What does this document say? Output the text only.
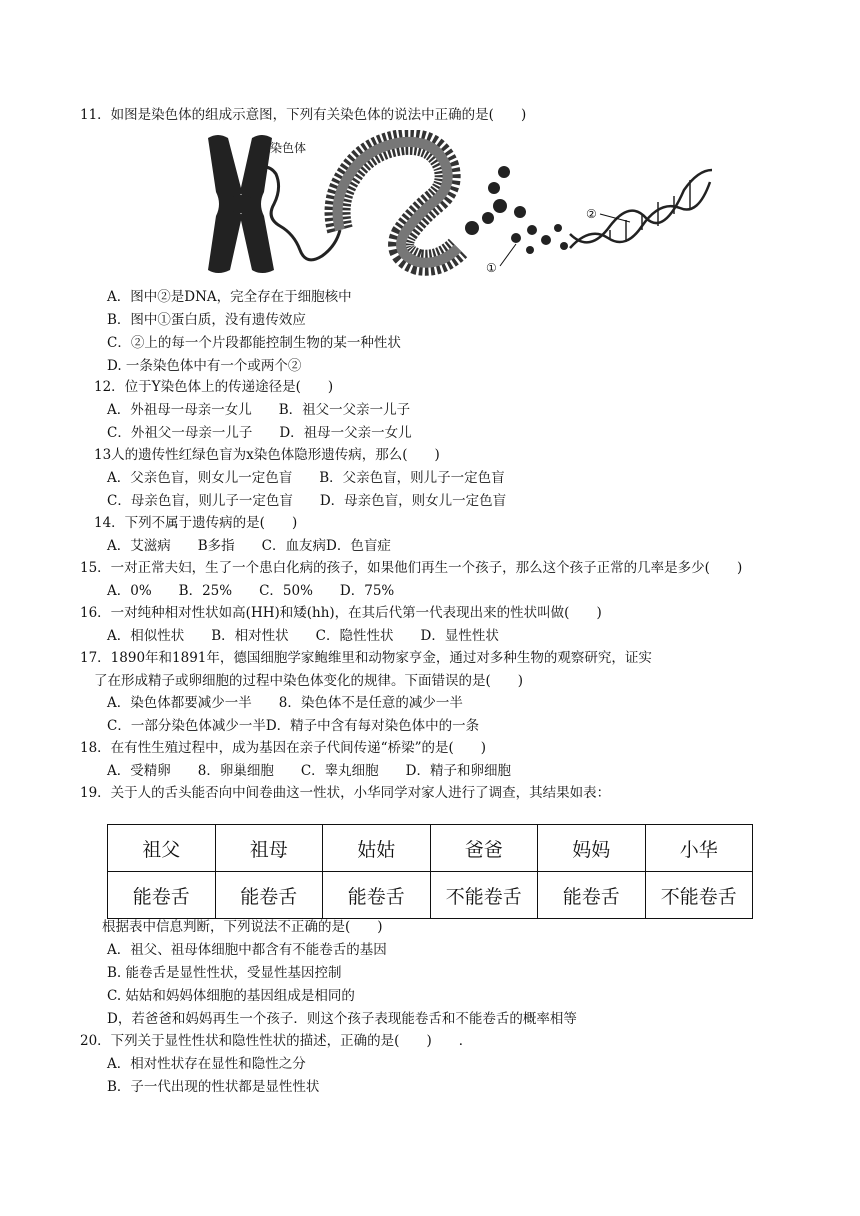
11．如图是染色体的组成示意图，下列有关染色体的说法中正确的是(　　)
染色体
①
②
A．图中②是DNA，完全存在于细胞核中
B．图中①蛋白质，没有遗传效应
C．②上的每一个片段都能控制生物的某一种性状
D. 一条染色体中有一个或两个②
12．位于Y染色体上的传递途径是(　　)
A．外祖母一母亲一女儿　　B．祖父一父亲一儿子
C．外祖父一母亲一儿子　　D．祖母一父亲一女儿
13人的遗传性红绿色盲为x染色体隐形遗传病，那么(　　)
A．父亲色盲，则女儿一定色盲　　B．父亲色盲，则儿子一定色盲
C．母亲色盲，则儿子一定色盲　　D．母亲色盲，则女儿一定色盲
14．下列不属于遗传病的是(　　)
A．艾滋病　　B多指　　C．血友病D．色盲症
15．一对正常夫妇，生了一个患白化病的孩子，如果他们再生一个孩子，那么这个孩子正常的几率是多少(　　)
A．0%　　B．25%　　C．50%　　D．75%
16．一对纯种相对性状如高(HH)和矮(hh)，在其后代第一代表现出来的性状叫做(　　)
A．相似性状　　B．相对性状　　C．隐性性状　　D．显性性状
17．1890年和1891年，德国细胞学家鲍维里和动物家亨金，通过对多种生物的观察研究，证实
了在形成精子或卵细胞的过程中染色体变化的规律。下面错误的是(　　)
A．染色体都要减少一半　　8．染色体不是任意的减少一半
C．一部分染色体减少一半D．精子中含有每对染色体中的一条
18．在有性生殖过程中，成为基因在亲子代间传递“桥梁”的是(　　)
A．受精卵　　8．卵巢细胞　　C．睾丸细胞　　D．精子和卵细胞
19．关于人的舌头能否向中间卷曲这一性状，小华同学对家人进行了调查，其结果如表：
祖父	祖母	姑姑	爸爸	妈妈	小华
能卷舌	能卷舌	能卷舌	不能卷舌	能卷舌	不能卷舌
根据表中信息判断，下列说法不正确的是(　　)
A．祖父、祖母体细胞中都含有不能卷舌的基因
B. 能卷舌是显性性状，受显性基因控制
C. 姑姑和妈妈体细胞的基因组成是相同的
D，若爸爸和妈妈再生一个孩子．则这个孩子表现能卷舌和不能卷舌的概率相等
20．下列关于显性性状和隐性性状的描述，正确的是(　　)　　．
A．相对性状存在显性和隐性之分
B．子一代出现的性状都是显性性状
